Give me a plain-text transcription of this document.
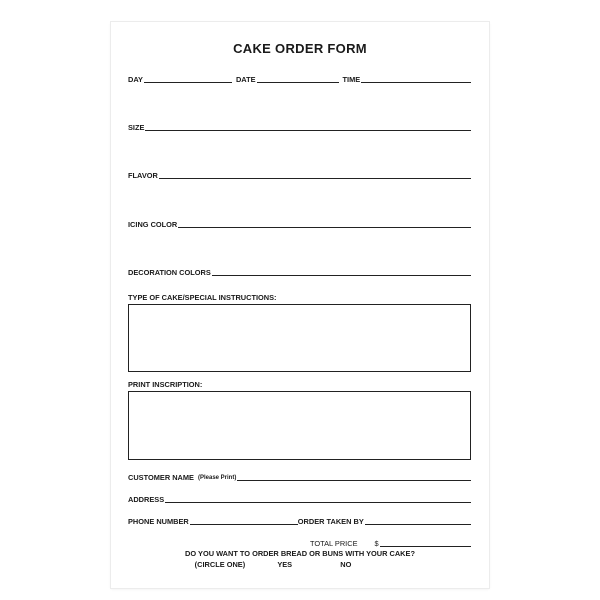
CAKE ORDER FORM
DAY	DATE	TIME
SIZE
FLAVOR
ICING COLOR
DECORATION COLORS
TYPE OF CAKE/SPECIAL INSTRUCTIONS:
PRINT INSCRIPTION:
CUSTOMER NAME (Please Print)
ADDRESS
PHONE NUMBER	ORDER TAKEN BY
TOTAL PRICE $
DO YOU WANT TO ORDER BREAD OR BUNS WITH YOUR CAKE?
(CIRCLE ONE)	YES	NO
